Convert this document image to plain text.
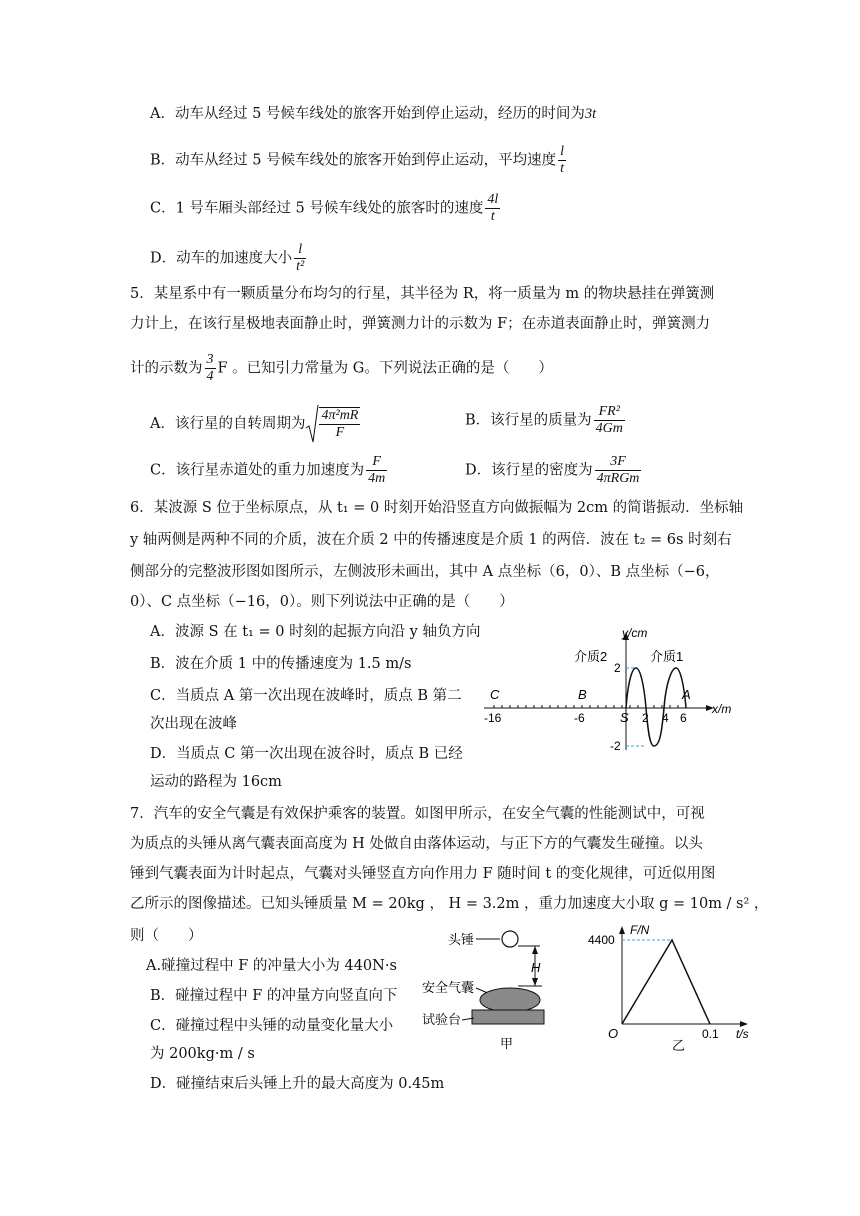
A．动车从经过 5 号候车线处的旅客开始到停止运动，经历的时间为3t
B．动车从经过 5 号候车线处的旅客开始到停止运动，平均速度 $\frac{l}{t}$
C．1 号车厢头部经过 5 号候车线处的旅客时的速度 $\frac{4l}{t}$
D．动车的加速度大小 $\frac{l}{\text{t²}}$
5．某星系中有一颗质量分布均匀的行星，其半径为 R，将一质量为 m 的物块悬挂在弹簧测
力计上，在该行星极地表面静止时，弹簧测力计的示数为 F；在赤道表面静止时，弹簧测力
计的示数为 $\frac{3}{4}$ F 。已知引力常量为 G。下列说法正确的是（　　）
A．该行星的自转周期为 $\frac{\text{4π²mR}}{F}$	B．该行星的质量为 $\frac{\text{FR²}}{4Gm}$
C．该行星赤道处的重力加速度为 $\frac{F}{4m}$	D．该行星的密度为 $\frac{3F}{\text{4πRGm}}$
6．某波源 S 位于坐标原点，从 t₁ = 0 时刻开始沿竖直方向做振幅为 2cm 的简谐振动．坐标轴
y 轴两侧是两种不同的介质，波在介质 2 中的传播速度是介质 1 的两倍．波在 t₂ = 6s 时刻右
侧部分的完整波形图如图所示，左侧波形未画出，其中 A 点坐标（6，0）、B 点坐标（−6，
0）、C 点坐标（−16，0）。则下列说法中正确的是（　　）
A．波源 S 在 t₁ = 0 时刻的起振方向沿 y 轴负方向
B．波在介质 1 中的传播速度为 1.5 m/s
C．当质点 A 第一次出现在波峰时，质点 B 第二
次出现在波峰
D．当质点 C 第一次出现在波谷时，质点 B 已经
运动的路程为 16cm
y/cm
x/m
介质2	介质1
C	B	A
S
-16	-6	2 4 6
2
-2
7．汽车的安全气囊是有效保护乘客的装置。如图甲所示，在安全气囊的性能测试中，可视
为质点的头锤从离气囊表面高度为 H 处做自由落体运动，与正下方的气囊发生碰撞。以头
锤到气囊表面为计时起点，气囊对头锤竖直方向作用力 F 随时间 t 的变化规律，可近似用图
乙所示的图像描述。已知头锤质量 M = 20kg ， H = 3.2m ，重力加速度大小取 g = 10m / s² ，
则（　　）
A.碰撞过程中 F 的冲量大小为 440N·s
B．碰撞过程中 F 的冲量方向竖直向下
C．碰撞过程中头锤的动量变化量大小
为 200kg·m / s
D．碰撞结束后头锤上升的最大高度为 0.45m
头锤
H
安全气囊
试验台
甲
F/N
t/s
4400
O	0.1
乙
